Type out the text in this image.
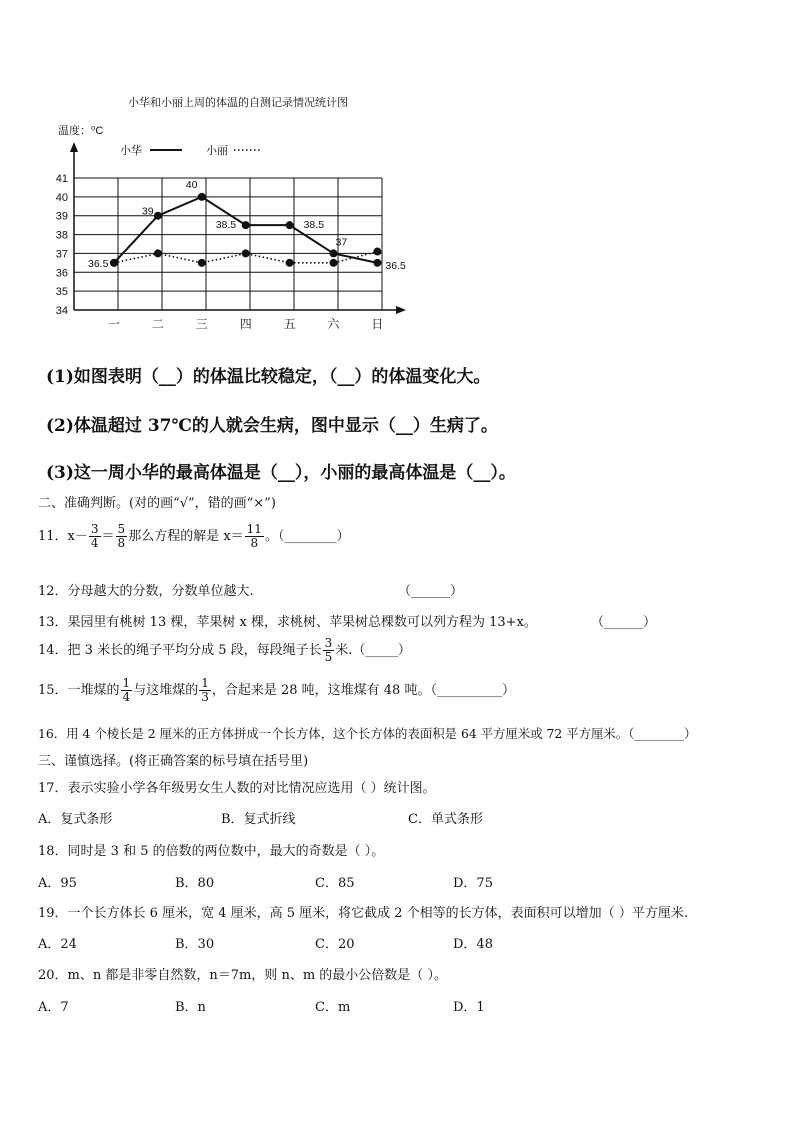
小华和小丽上周的体温的自测记录情况统计图
温度：⁰C
小华	小丽
34
35
36
37
38
39
40
41
一	二	三	四	五	六	日
36.5
39
40
38.5	38.5
37
36.5
(1)如图表明（__）的体温比较稳定，（__）的体温变化大。
(2)体温超过 37℃的人就会生病，图中显示（__）生病了。
(3)这一周小华的最高体温是（__），小丽的最高体温是（__）。
二、准确判断。(对的画“√”，错的画“×”)
11．$x- \frac{3}{4} = \frac{5}{8}$ 那么方程的解是 $x= \frac{11}{8}$ 。（________）
12．分母越大的分数，分数单位越大.	（______）
13．果园里有桃树 13 棵，苹果树 x 棵，求桃树、苹果树总棵数可以列方程为 13+x。	（______）
14．把 3 米长的绳子平均分成 5 段，每段绳子长 $\frac{3}{5}$ 米.（_____）
15．一堆煤的 $\frac{1}{4}$ 与这堆煤的 $\frac{1}{3}$ ，合起来是 28 吨，这堆煤有 48 吨。（__________）
16．用 4 个棱长是 2 厘米的正方体拼成一个长方体，这个长方体的表面积是 64 平方厘米或 72 平方厘米。（________）
三、谨慎选择。(将正确答案的标号填在括号里)
17．表示实验小学各年级男女生人数的对比情况应选用（ ）统计图。
A．复式条形	B．复式折线	C．单式条形
18．同时是 3 和 5 的倍数的两位数中，最大的奇数是（ ）。
A．95	B．80	C．85	D．75
19．一个长方体长 6 厘米，宽 4 厘米，高 5 厘米，将它截成 2 个相等的长方体，表面积可以增加（ ）平方厘米.
A．24	B．30	C．20	D．48
20．m、n 都是非零自然数，n＝7m，则 n、m 的最小公倍数是（ ）。
A．7	B．n	C．m	D．1
